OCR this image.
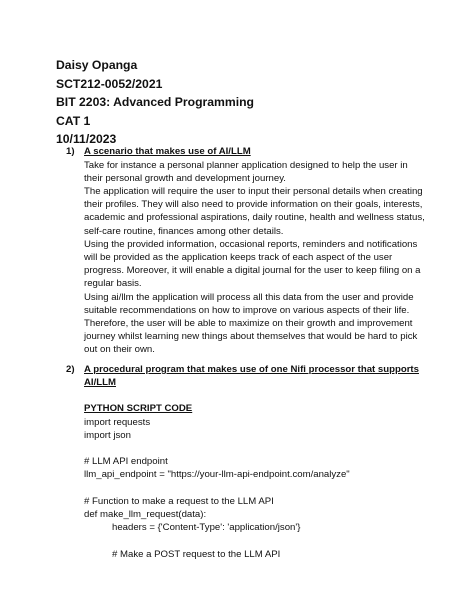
Daisy Opanga
SCT212-0052/2021
BIT 2203: Advanced Programming
CAT 1
10/11/2023
1) A scenario that makes use of AI/LLM
Take for instance a personal planner application designed to help the user in their personal growth and development journey.
The application will require the user to input their personal details when creating their profiles. They will also need to provide information on their goals, interests, academic and professional aspirations, daily routine, health and wellness status, self-care routine, finances among other details.
Using the provided information, occasional reports, reminders and notifications will be provided as the application keeps track of each aspect of the user progress. Moreover, it will enable a digital journal for the user to keep filing on a regular basis.
Using ai/llm the application will process all this data from the user and provide suitable recommendations on how to improve on various aspects of their life. Therefore, the user will be able to maximize on their growth and improvement journey whilst learning new things about themselves that would be hard to pick out on their own.
2) A procedural program that makes use of one Nifi processor that supports
AI/LLM
PYTHON SCRIPT CODE
import requests
import json
# LLM API endpoint
llm_api_endpoint = "https://your-llm-api-endpoint.com/analyze"
# Function to make a request to the LLM API
def make_llm_request(data):
headers = {'Content-Type': 'application/json'}
# Make a POST request to the LLM API
